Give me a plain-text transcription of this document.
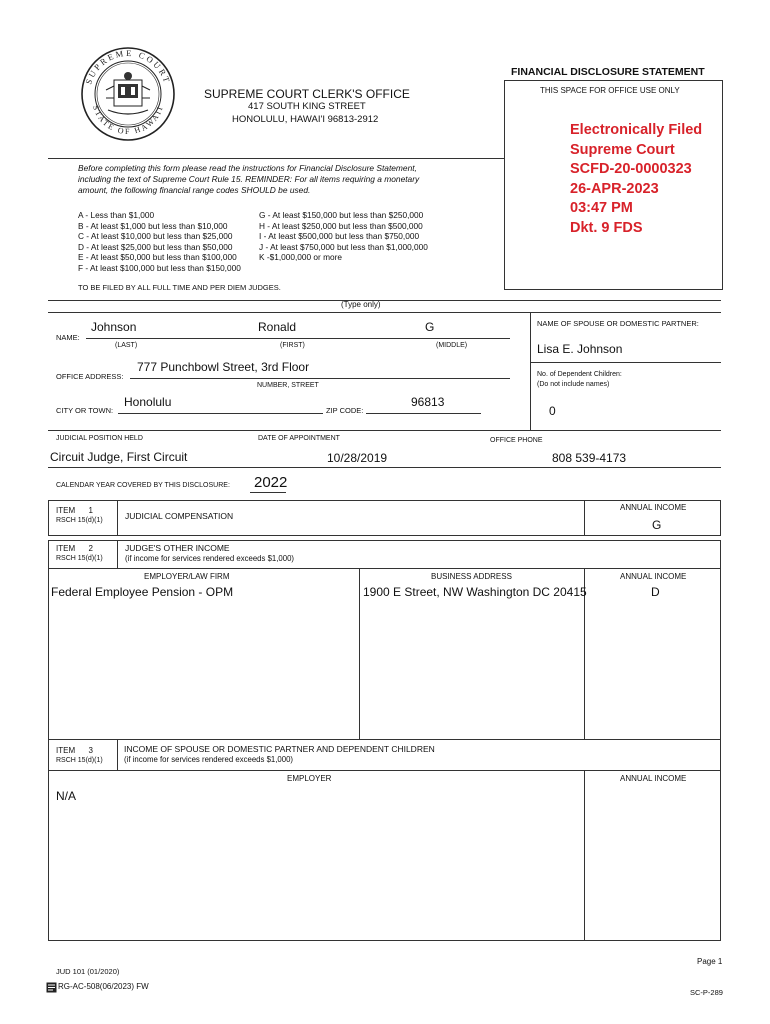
FINANCIAL DISCLOSURE STATEMENT
THIS SPACE FOR OFFICE USE ONLY
Electronically Filed
Supreme Court
SCFD-20-0000323
26-APR-2023
03:47 PM
Dkt. 9 FDS
SUPREME COURT
STATE OF HAWAII
SUPREME COURT CLERK'S OFFICE
417 SOUTH KING STREET
HONOLULU, HAWAI'I 96813-2912
Before completing this form please read the instructions for Financial Disclosure Statement,
including the text of Supreme Court Rule 15. REMINDER: For all items requiring a monetary
amount, the following financial range codes SHOULD be used.
A - Less than $1,000
B - At least $1,000 but less than $10,000
C - At least $10,000 but less than $25,000
D - At least $25,000 but less than $50,000
E - At least $50,000 but less than $100,000
F - At least $100,000 but less than $150,000
G - At least $150,000 but less than $250,000
H - At least $250,000 but less than $500,000
I - At least $500,000 but less than $750,000
J - At least $750,000 but less than $1,000,000
K -$1,000,000 or more
TO BE FILED BY ALL FULL TIME AND PER DIEM JUDGES.
(Type only)
NAME:
Johnson	Ronald	G
(LAST)	(FIRST)	(MIDDLE)
NAME OF SPOUSE OR DOMESTIC PARTNER:
Lisa E. Johnson
OFFICE ADDRESS:
777 Punchbowl Street, 3rd Floor
NUMBER, STREET
No. of Dependent Children:
(Do not include names)
0
CITY OR TOWN:
Honolulu
ZIP CODE:
96813
JUDICIAL POSITION HELD	DATE OF APPOINTMENT	OFFICE PHONE
Circuit Judge, First Circuit	10/28/2019	808 539-4173
CALENDAR YEAR COVERED BY THIS DISCLOSURE: 2022
ITEM      1
RSCH 15(d)(1)	JUDICIAL COMPENSATION
ANNUAL INCOME
G
ITEM      2
RSCH 15(d)(1)
JUDGE'S OTHER INCOME
(if income for services rendered exceeds $1,000)
EMPLOYER/LAW FIRM	BUSINESS ADDRESS	ANNUAL INCOME
Federal Employee Pension - OPM	1900 E Street, NW Washington DC 20415	D
ITEM      3
RSCH 15(d)(1)
INCOME OF SPOUSE OR DOMESTIC PARTNER AND DEPENDENT CHILDREN
(if income for services rendered exceeds $1,000)
EMPLOYER	ANNUAL INCOME
N/A
Page 1
JUD 101 (01/2020)
RG-AC-508(06/2023) FW
SC-P-289
